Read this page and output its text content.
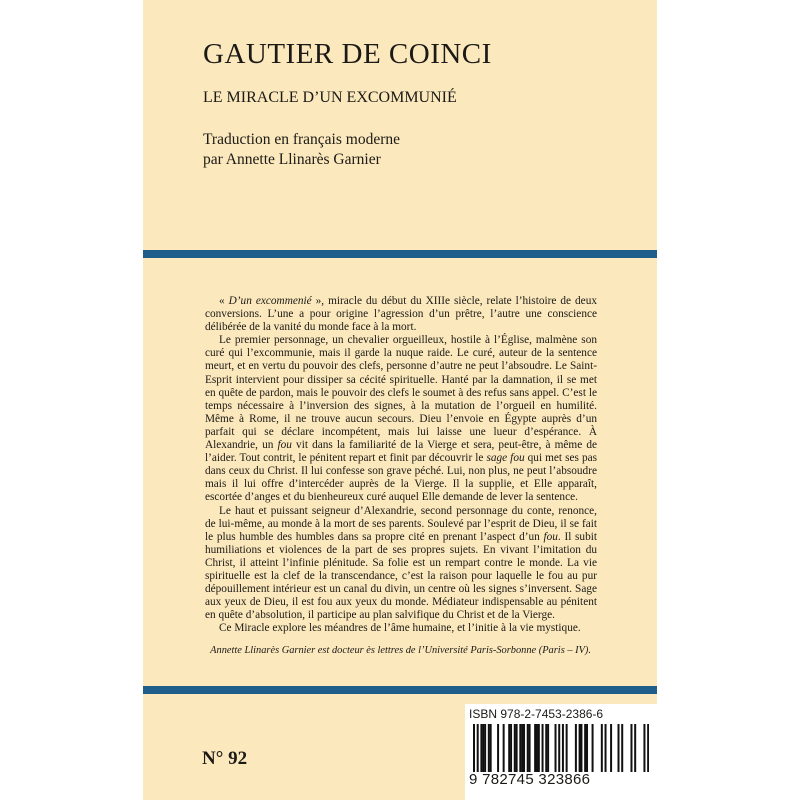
GAUTIER DE COINCI
LE MIRACLE D’UN EXCOMMUNIÉ
Traduction en français moderne
par Annette Llinarès Garnier

« D’un excommenié », miracle du début du XIIIe siècle, relate l’histoire de deux conversions. L’une a pour origine l’agression d’un prêtre, l’autre une conscience délibérée de la vanité du monde face à la mort.

Le premier personnage, un chevalier orgueilleux, hostile à l’Église, malmène son curé qui l’excommunie, mais il garde la nuque raide. Le curé, auteur de la sentence meurt, et en vertu du pouvoir des clefs, personne d’autre ne peut l’absoudre. Le Saint-Esprit intervient pour dissiper sa cécité spirituelle. Hanté par la damnation, il se met en quête de pardon, mais le pouvoir des clefs le soumet à des refus sans appel. C’est le temps nécessaire à l’inversion des signes, à la mutation de l’orgueil en humilité. Même à Rome, il ne trouve aucun secours. Dieu l’envoie en Égypte auprès d’un parfait qui se déclare incompétent, mais lui laisse une lueur d’espérance. À Alexandrie, un fou vit dans la familiarité de la Vierge et sera, peut-être, à même de l’aider. Tout contrit, le pénitent repart et finit par découvrir le sage fou qui met ses pas dans ceux du Christ. Il lui confesse son grave péché. Lui, non plus, ne peut l’absoudre mais il lui offre d’intercéder auprès de la Vierge. Il la supplie, et Elle apparaît, escortée d’anges et du bienheureux curé auquel Elle demande de lever la sentence.

Le haut et puissant seigneur d’Alexandrie, second personnage du conte, renonce, de lui-même, au monde à la mort de ses parents. Soulevé par l’esprit de Dieu, il se fait le plus humble des humbles dans sa propre cité en prenant l’aspect d’un fou. Il subit humiliations et violences de la part de ses propres sujets. En vivant l’imitation du Christ, il atteint l’infinie plénitude. Sa folie est un rempart contre le monde. La vie spirituelle est la clef de la transcendance, c’est la raison pour laquelle le fou au pur dépouillement intérieur est un canal du divin, un centre où les signes s’inversent. Sage aux yeux de Dieu, il est fou aux yeux du monde. Médiateur indispensable au pénitent en quête d’absolution, il participe au plan salvifique du Christ et de la Vierge.

Ce Miracle explore les méandres de l’âme humaine, et l’initie à la vie mystique.

Annette Llinarès Garnier est docteur ès lettres de l’Université Paris-Sorbonne (Paris – IV).
N° 92
ISBN 978-2-7453-2386-6
9 782745 323866
